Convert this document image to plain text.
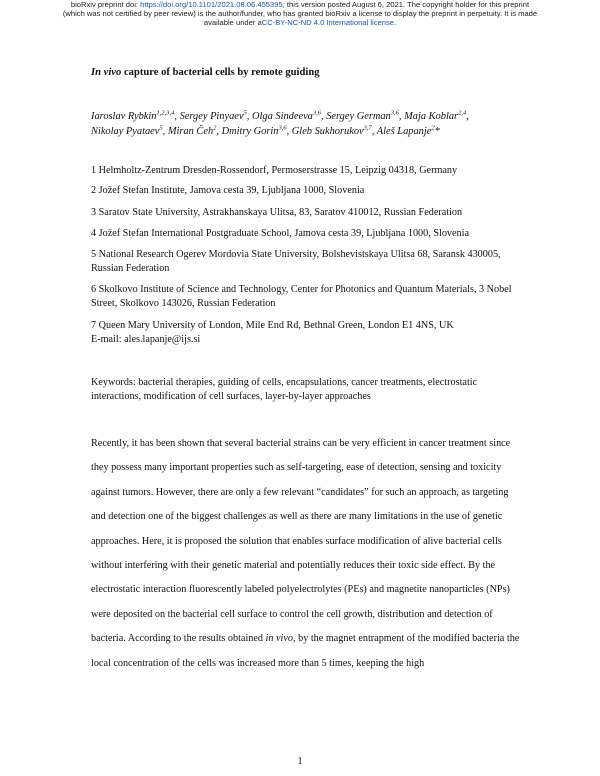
bioRxiv preprint doi: https://doi.org/10.1101/2021.08.06.455395; this version posted August 6, 2021. The copyright holder for this preprint
(which was not certified by peer review) is the author/funder, who has granted bioRxiv a license to display the preprint in perpetuity. It is made
available under aCC-BY-NC-ND 4.0 International license.
In vivo capture of bacterial cells by remote guiding
Iaroslav Rybkin$^{1,2,3,4}$, Sergey Pinyaev$^5$, Olga Sindeeva$^{3,6}$, Sergey German$^{3,6}$, Maja Koblar$^{2,4}$,
Nikolay Pyataev$^5$, Miran Čeh$^2$, Dmitry Gorin$^{3,6}$, Gleb Sukhorukov$^{3,7}$, Aleš Lapanje$^2$*
1 Helmholtz-Zentrum Dresden-Rossendorf, Permoserstrasse 15, Leipzig 04318, Germany
2 Jožef Stefan Institute, Jamova cesta 39, Ljubljana 1000, Slovenia
3 Saratov State University, Astrakhanskaya Ulitsa, 83, Saratov 410012, Russian Federation
4 Jožef Stefan International Postgraduate School, Jamova cesta 39, Ljubljana 1000, Slovenia
5 National Research Ogerev Mordovia State University, Bolshevistskaya Ulitsa 68, Saransk 430005, Russian Federation
6 Skolkovo Institute of Science and Technology, Center for Photonics and Quantum Materials, 3 Nobel Street, Skolkovo 143026, Russian Federation
7 Queen Mary University of London, Mile End Rd, Bethnal Green, London E1 4NS, UK
E-mail: ales.lapanje@ijs.si
Keywords: bacterial therapies, guiding of cells, encapsulations, cancer treatments, electrostatic interactions, modification of cell surfaces, layer-by-layer approaches
Recently, it has been shown that several bacterial strains can be very efficient in cancer treatment since they possess many important properties such as self-targeting, ease of detection, sensing and toxicity against tumors. However, there are only a few relevant “candidates” for such an approach, as targeting and detection one of the biggest challenges as well as there are many limitations in the use of genetic approaches. Here, it is proposed the solution that enables surface modification of alive bacterial cells without interfering with their genetic material and potentially reduces their toxic side effect. By the electrostatic interaction fluorescently labeled polyelectrolytes (PEs) and magnetite nanoparticles (NPs) were deposited on the bacterial cell surface to control the cell growth, distribution and detection of bacteria. According to the results obtained in vivo, by the magnet entrapment of the modified bacteria the local concentration of the cells was increased more than 5 times, keeping the high
1
